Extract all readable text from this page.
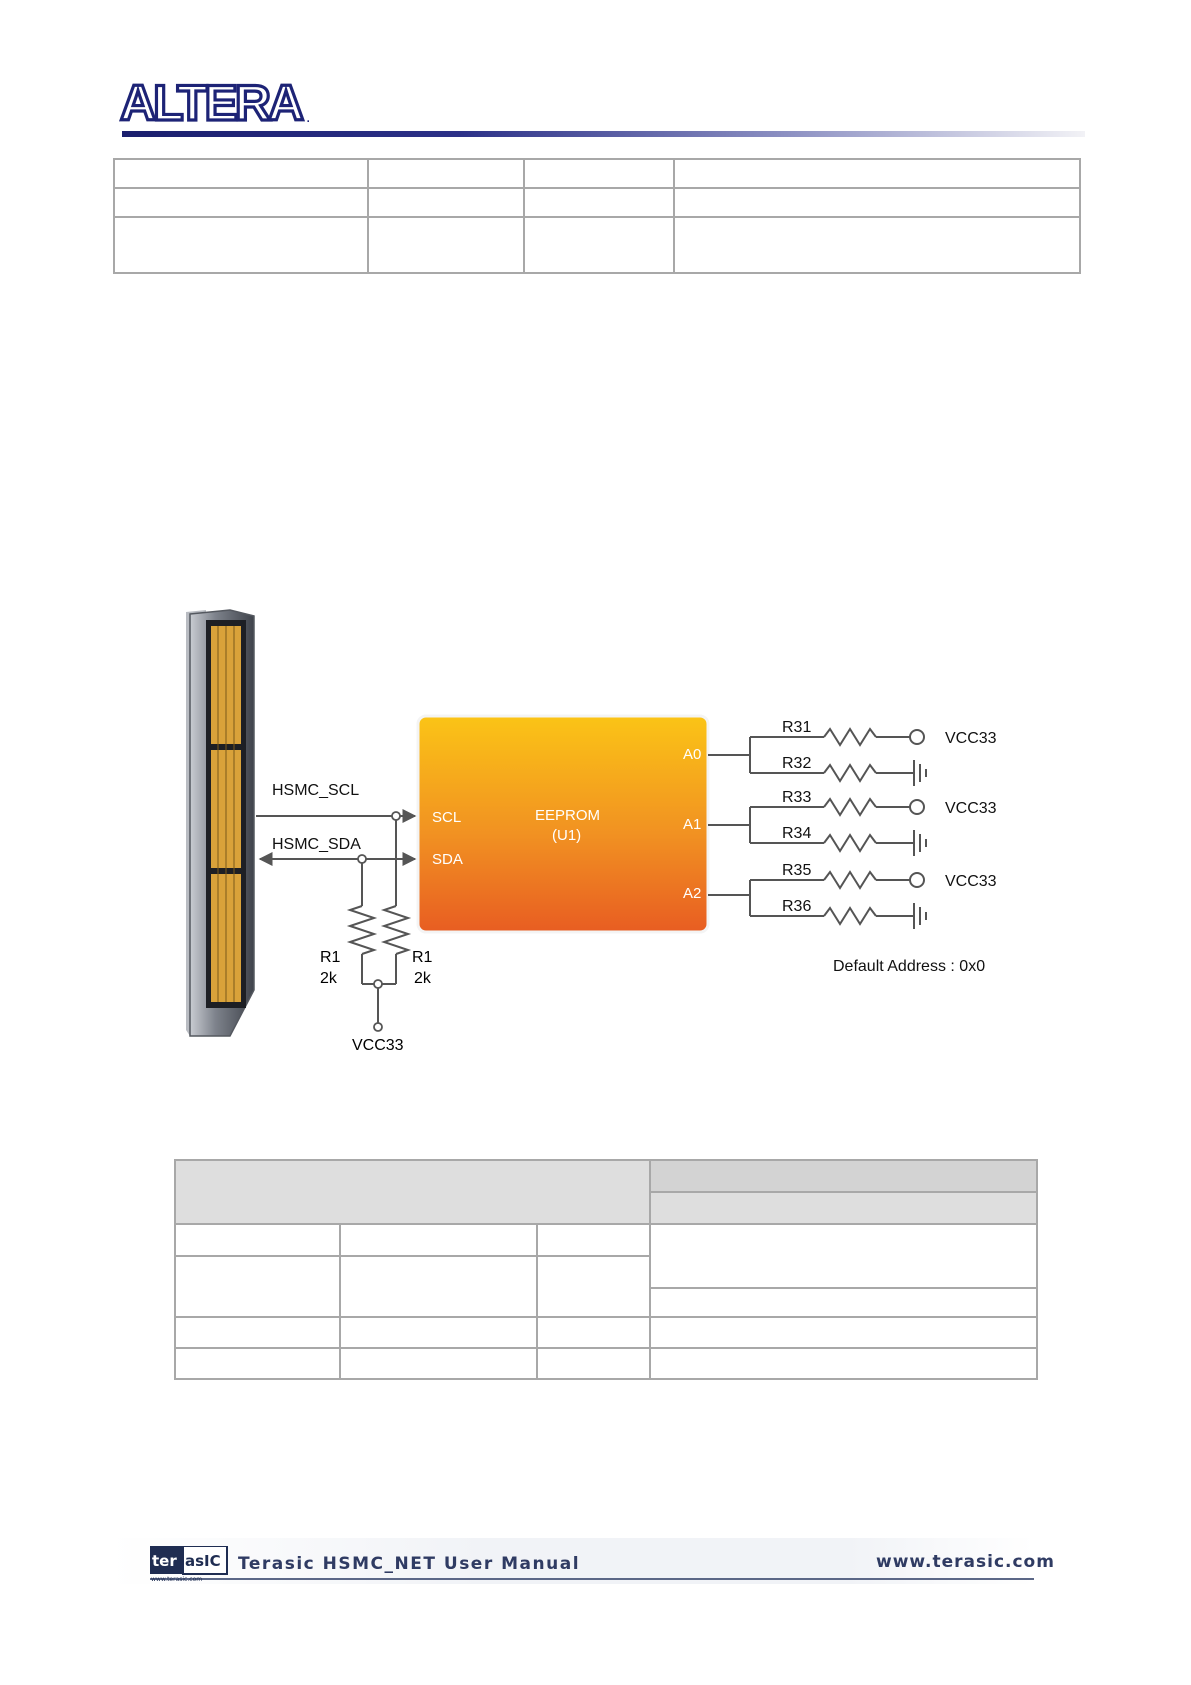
ALTERA .

HSMC_SCL
HSMC_SDA
R1
2k
R1
2k
VCC33
EEPROM
(U1)
SCL
SDA
A0
A1
A2
R31
R32
R33
R34
R35
R36
VCC33
VCC33
VCC33
Default Address : 0x0

ter asIC
www.terasic.com
Terasic HSMC_NET User Manual	www.terasic.com
